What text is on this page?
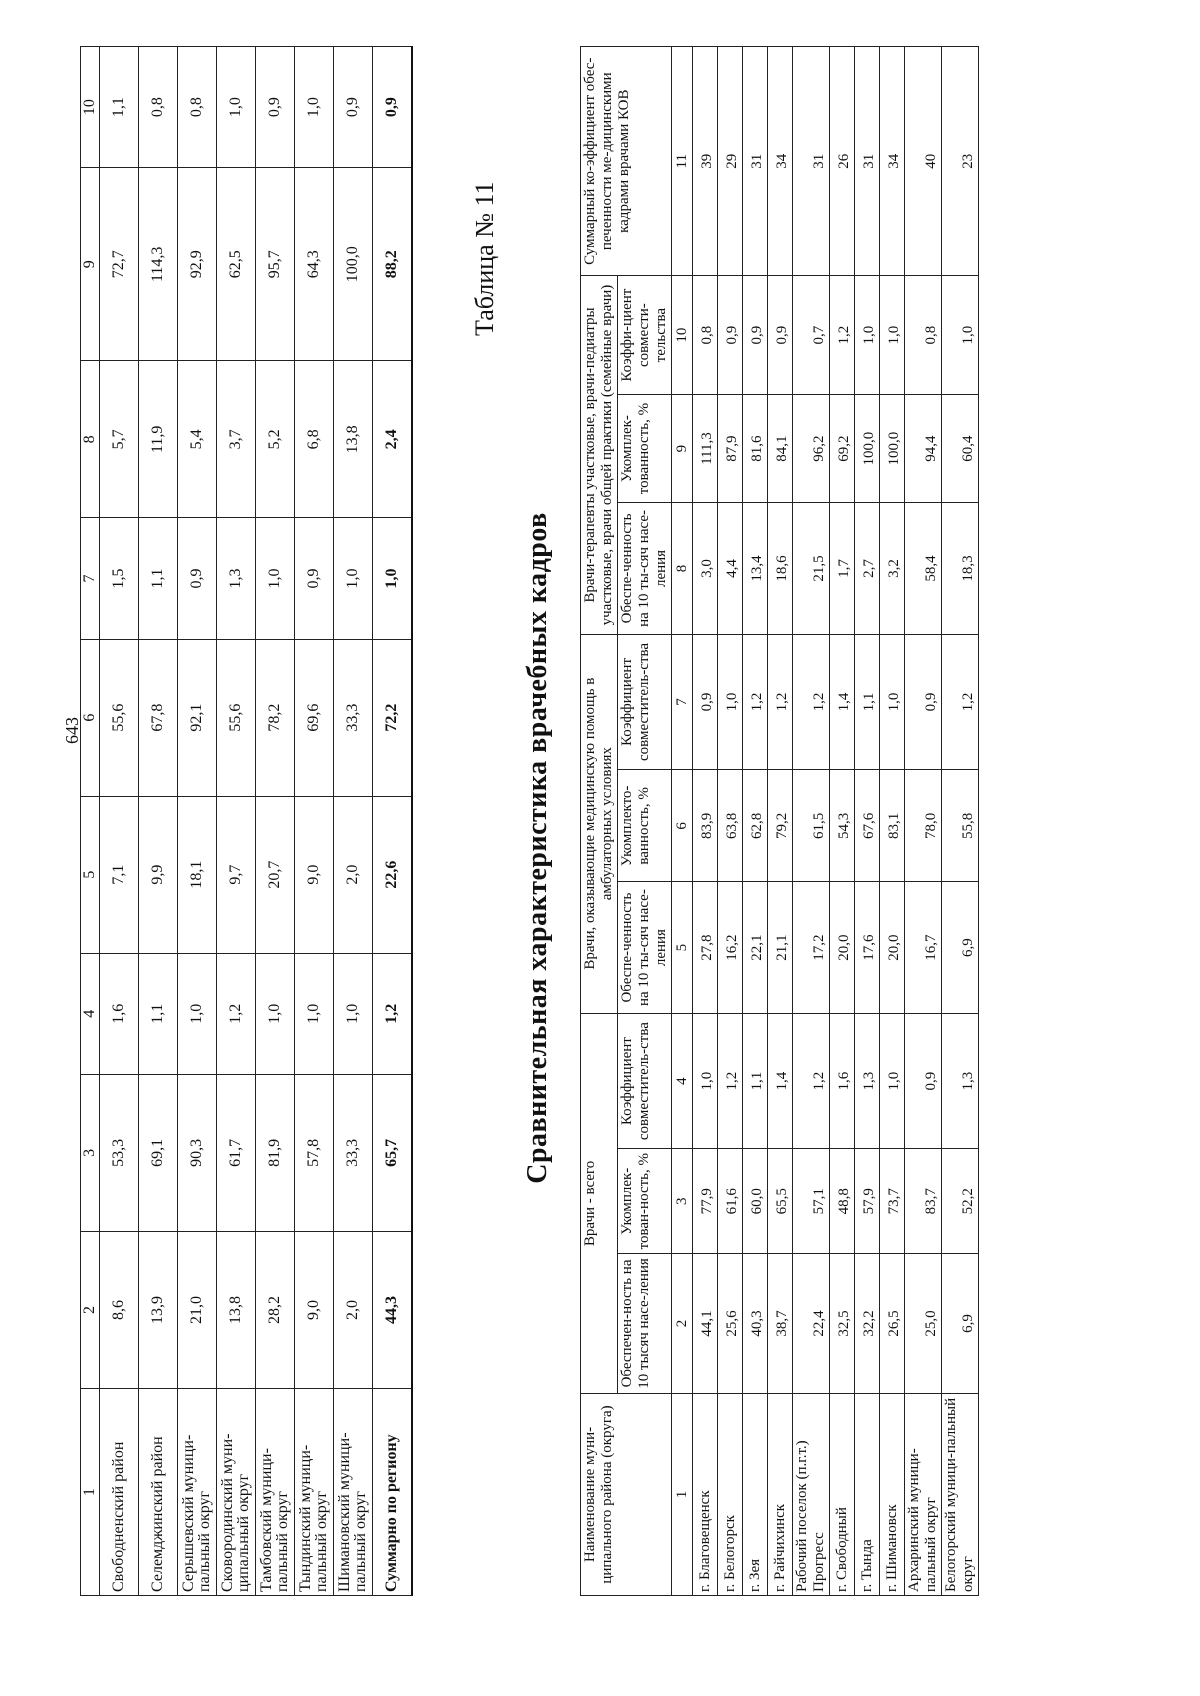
1	2	3	4	5	6	7	8	9	10
Свободненский район	8,6	53,3	1,6	7,1	55,6	1,5	5,7	72,7	1,1
Селемджинский район	13,9	69,1	1,1	9,9	67,8	1,1	11,9	114,3	0,8
Серышевский муници-пальный округ	21,0	90,3	1,0	18,1	92,1	0,9	5,4	92,9	0,8
Сковородинский муни-ципальный округ	13,8	61,7	1,2	9,7	55,6	1,3	3,7	62,5	1,0
Тамбовский муници-пальный округ	28,2	81,9	1,0	20,7	78,2	1,0	5,2	95,7	0,9
Тындинский муници-пальный округ	9,0	57,8	1,0	9,0	69,6	0,9	6,8	64,3	1,0
Шимановский муници-пальный округ	2,0	33,3	1,0	2,0	33,3	1,0	13,8	100,0	0,9
Суммарно по региону	44,3	65,7	1,2	22,6	72,2	1,0	2,4	88,2	0,9
643
Таблица № 11
Сравнительная характеристика врачебных кадров
Наименование муни-ципального района (округа)	Врачи - всего			Врачи, оказывающие медицинскую помощь в амбулаторных условиях			Врачи-терапевты участковые, врачи-педиатры участковые, врачи общей практики (семейные врачи)			Суммарный ко-эффициент обес-печенности ме-дицинскими кадрами врачами КОВ
	Обеспечен-ность на 10 тысяч насе-ления	Укомплек-тован-ность, %	Коэффициент совместитель-ства	Обеспе-ченность на 10 ты-сяч насе-ления	Укомплекто-ванность, %	Коэффициент совместитель-ства	Обеспе-ченность на 10 ты-сяч насе-ления	Укомплек-тованность, %	Коэффи-циент совмести-тельства	
1	2	3	4	5	6	7	8	9	10	11
г. Благовещенск	44,1	77,9	1,0	27,8	83,9	0,9	3,0	111,3	0,8	39
г. Белогорск	25,6	61,6	1,2	16,2	63,8	1,0	4,4	87,9	0,9	29
г. Зея	40,3	60,0	1,1	22,1	62,8	1,2	13,4	81,6	0,9	31
г. Райчихинск	38,7	65,5	1,4	21,1	79,2	1,2	18,6	84,1	0,9	34
Рабочий поселок (п.г.т.) Прогресс	22,4	57,1	1,2	17,2	61,5	1,2	21,5	96,2	0,7	31
г. Свободный	32,5	48,8	1,6	20,0	54,3	1,4	1,7	69,2	1,2	26
г. Тында	32,2	57,9	1,3	17,6	67,6	1,1	2,7	100,0	1,0	31
г. Шимановск	26,5	73,7	1,0	20,0	83,1	1,0	3,2	100,0	1,0	34
Архаринский муници-пальный округ	25,0	83,7	0,9	16,7	78,0	0,9	58,4	94,4	0,8	40
Белогорский муници-пальный округ	6,9	52,2	1,3	6,9	55,8	1,2	18,3	60,4	1,0	23
